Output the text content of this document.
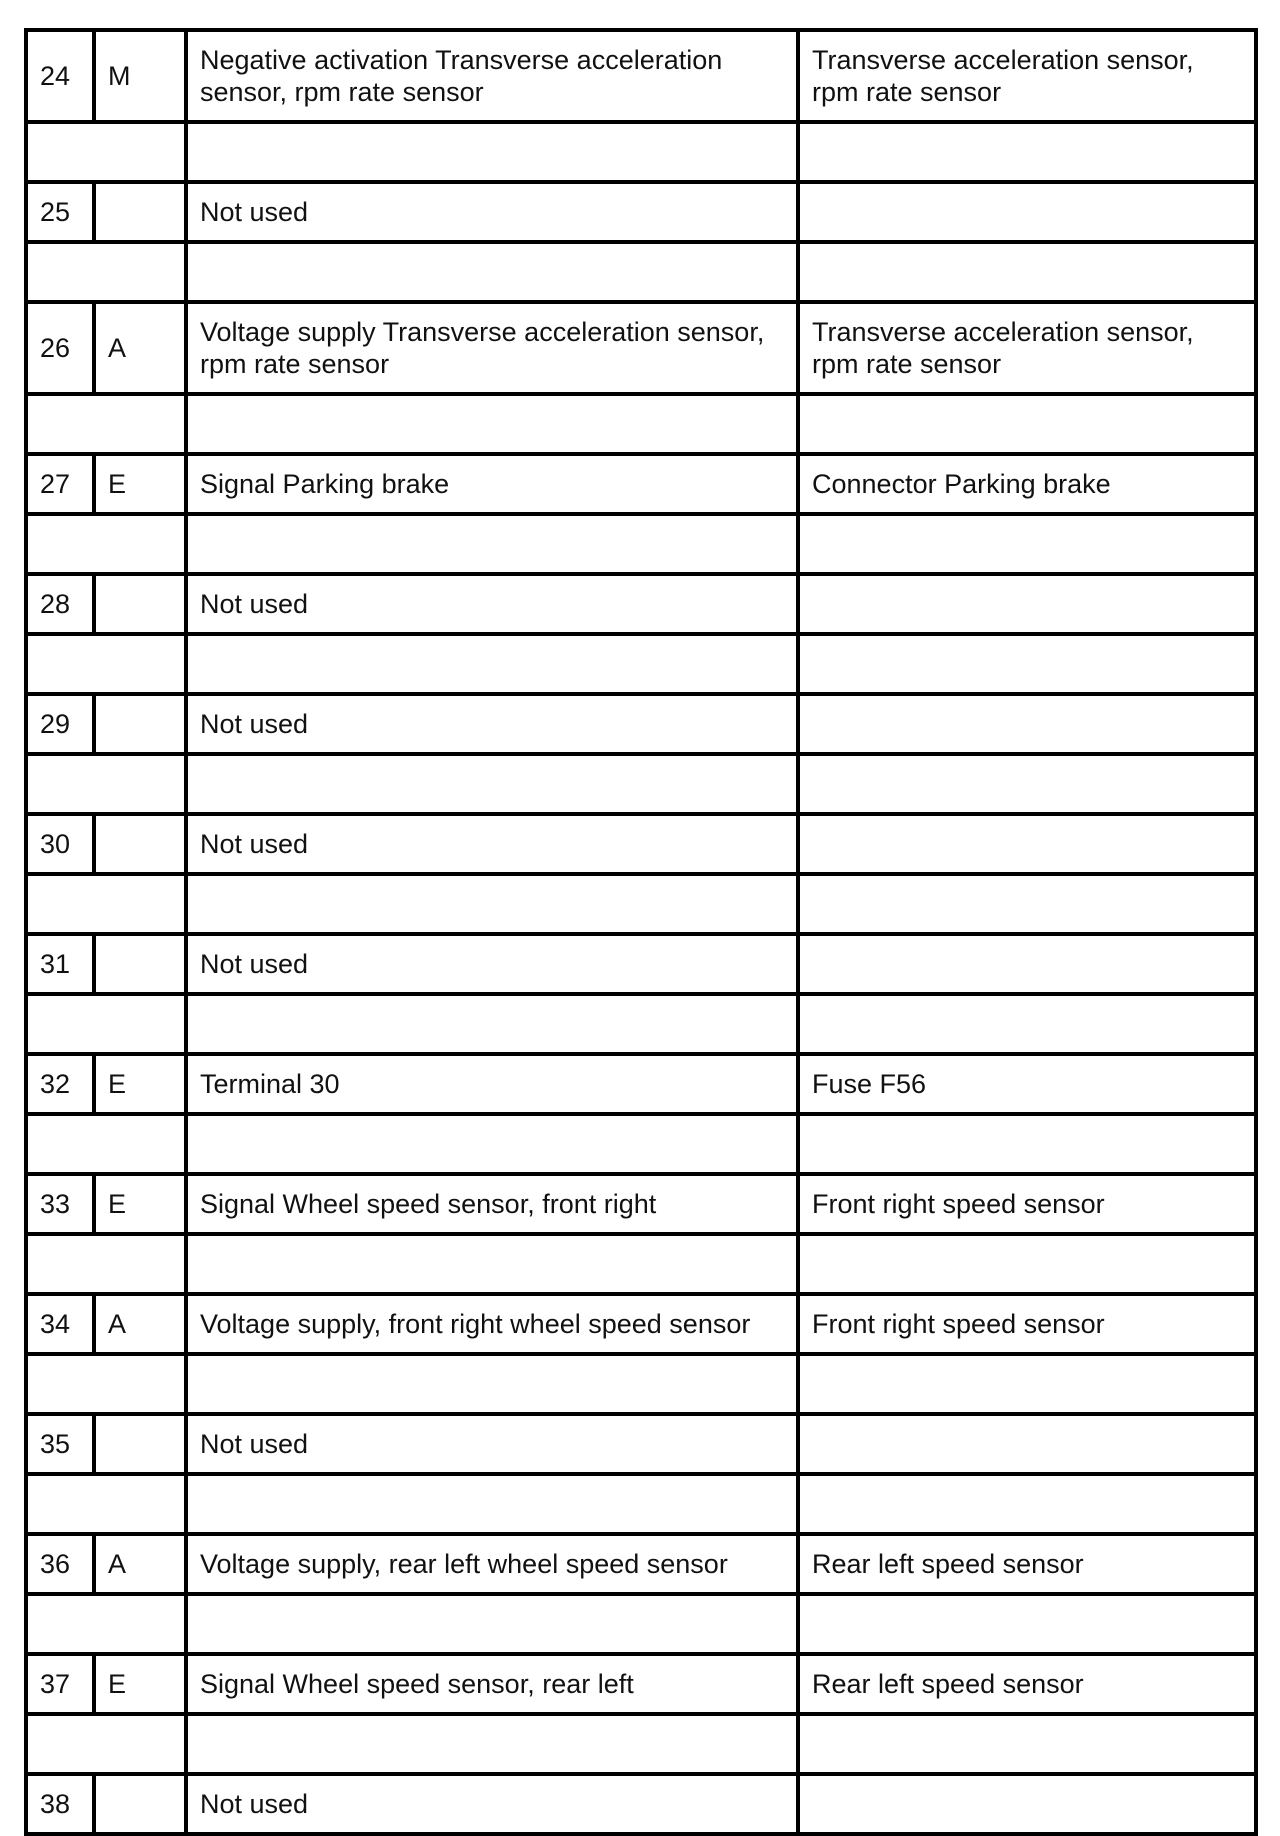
24	M	Negative activation Transverse acceleration sensor, rpm rate sensor	Transverse acceleration sensor, rpm rate sensor

25		Not used	

26	A	Voltage supply Transverse acceleration sensor, rpm rate sensor	Transverse acceleration sensor, rpm rate sensor

27	E	Signal Parking brake	Connector Parking brake

28		Not used	

29		Not used	

30		Not used	

31		Not used	

32	E	Terminal 30	Fuse F56

33	E	Signal Wheel speed sensor, front right	Front right speed sensor

34	A	Voltage supply, front right wheel speed sensor	Front right speed sensor

35		Not used	

36	A	Voltage supply, rear left wheel speed sensor	Rear left speed sensor

37	E	Signal Wheel speed sensor, rear left	Rear left speed sensor

38		Not used	
